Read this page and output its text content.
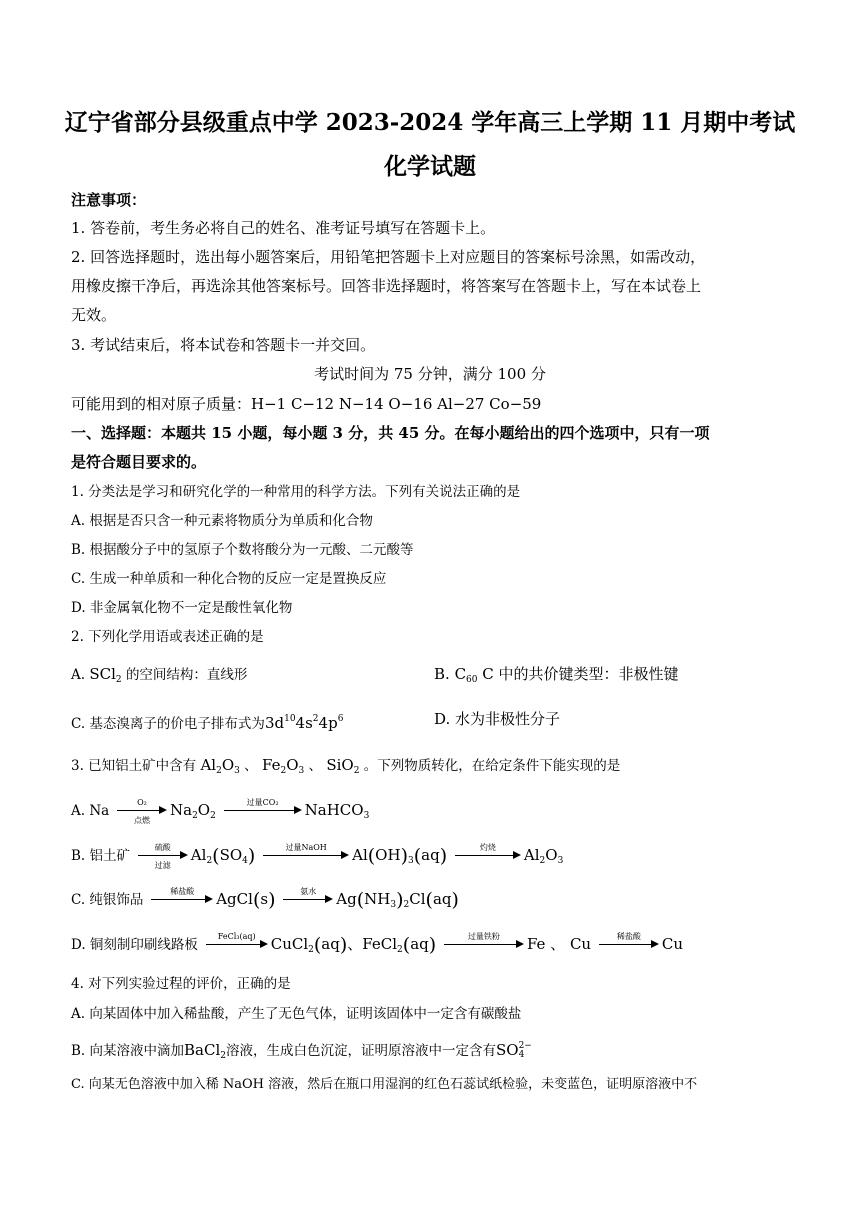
辽宁省部分县级重点中学 2023-2024 学年高三上学期 11 月期中考试
化学试题
注意事项：
1. 答卷前，考生务必将自己的姓名、准考证号填写在答题卡上。
2. 回答选择题时，选出每小题答案后，用铅笔把答题卡上对应题目的答案标号涂黑，如需改动，
用橡皮擦干净后，再选涂其他答案标号。回答非选择题时，将答案写在答题卡上，写在本试卷上
无效。
3. 考试结束后，将本试卷和答题卡一并交回。
考试时间为 75 分钟，满分 100 分
可能用到的相对原子质量：H−1 C−12 N−14 O−16 Al−27 Co−59
一、选择题：本题共 15 小题，每小题 3 分，共 45 分。在每小题给出的四个选项中，只有一项
是符合题目要求的。
1. 分类法是学习和研究化学的一种常用的科学方法。下列有关说法正确的是
A. 根据是否只含一种元素将物质分为单质和化合物
B. 根据酸分子中的氢原子个数将酸分为一元酸、二元酸等
C. 生成一种单质和一种化合物的反应一定是置换反应
D. 非金属氧化物不一定是酸性氧化物
2. 下列化学用语或表述正确的是
A. SCl$_2$ 的空间结构：直线形	B. $C_{60}$ C 中的共价键类型：非极性键
C. 基态溴离子的价电子排布式为$3d^{10}4s^24p^6$	D. 水为非极性分子
3. 已知铝土矿中含有 $Al_2O_3$ 、 $Fe_2O_3$ 、 SiO$_2$ 。下列物质转化，在给定条件下能实现的是
A. Na
O₂
点燃
$Na_2O_2$
过量CO₂	NaHCO$_3$
B. 铝土矿
硫酸
过滤
$Al_2(SO_4)$	过量NaOH	$Al(OH)_3(aq)$	灼烧	$Al_2O_3$
C. 纯银饰品
稀盐酸	AgCl(s)	氨水	$Ag(NH_3)_2Cl(aq)$
D. 铜刻制印刷线路板
FeCl₃(aq)	CuCl$_2$(aq)、FeCl$_2$(aq)	过量铁粉	Fe 、 Cu	稀盐酸	Cu
4. 对下列实验过程的评价，正确的是
A. 向某固体中加入稀盐酸，产生了无色气体，证明该固体中一定含有碳酸盐
B. 向某溶液中滴加BaCl$_2$溶液，生成白色沉淀，证明原溶液中一定含有SO 2−
4
C. 向某无色溶液中加入稀 NaOH 溶液，然后在瓶口用湿润的红色石蕊试纸检验，未变蓝色，证明原溶液中不
